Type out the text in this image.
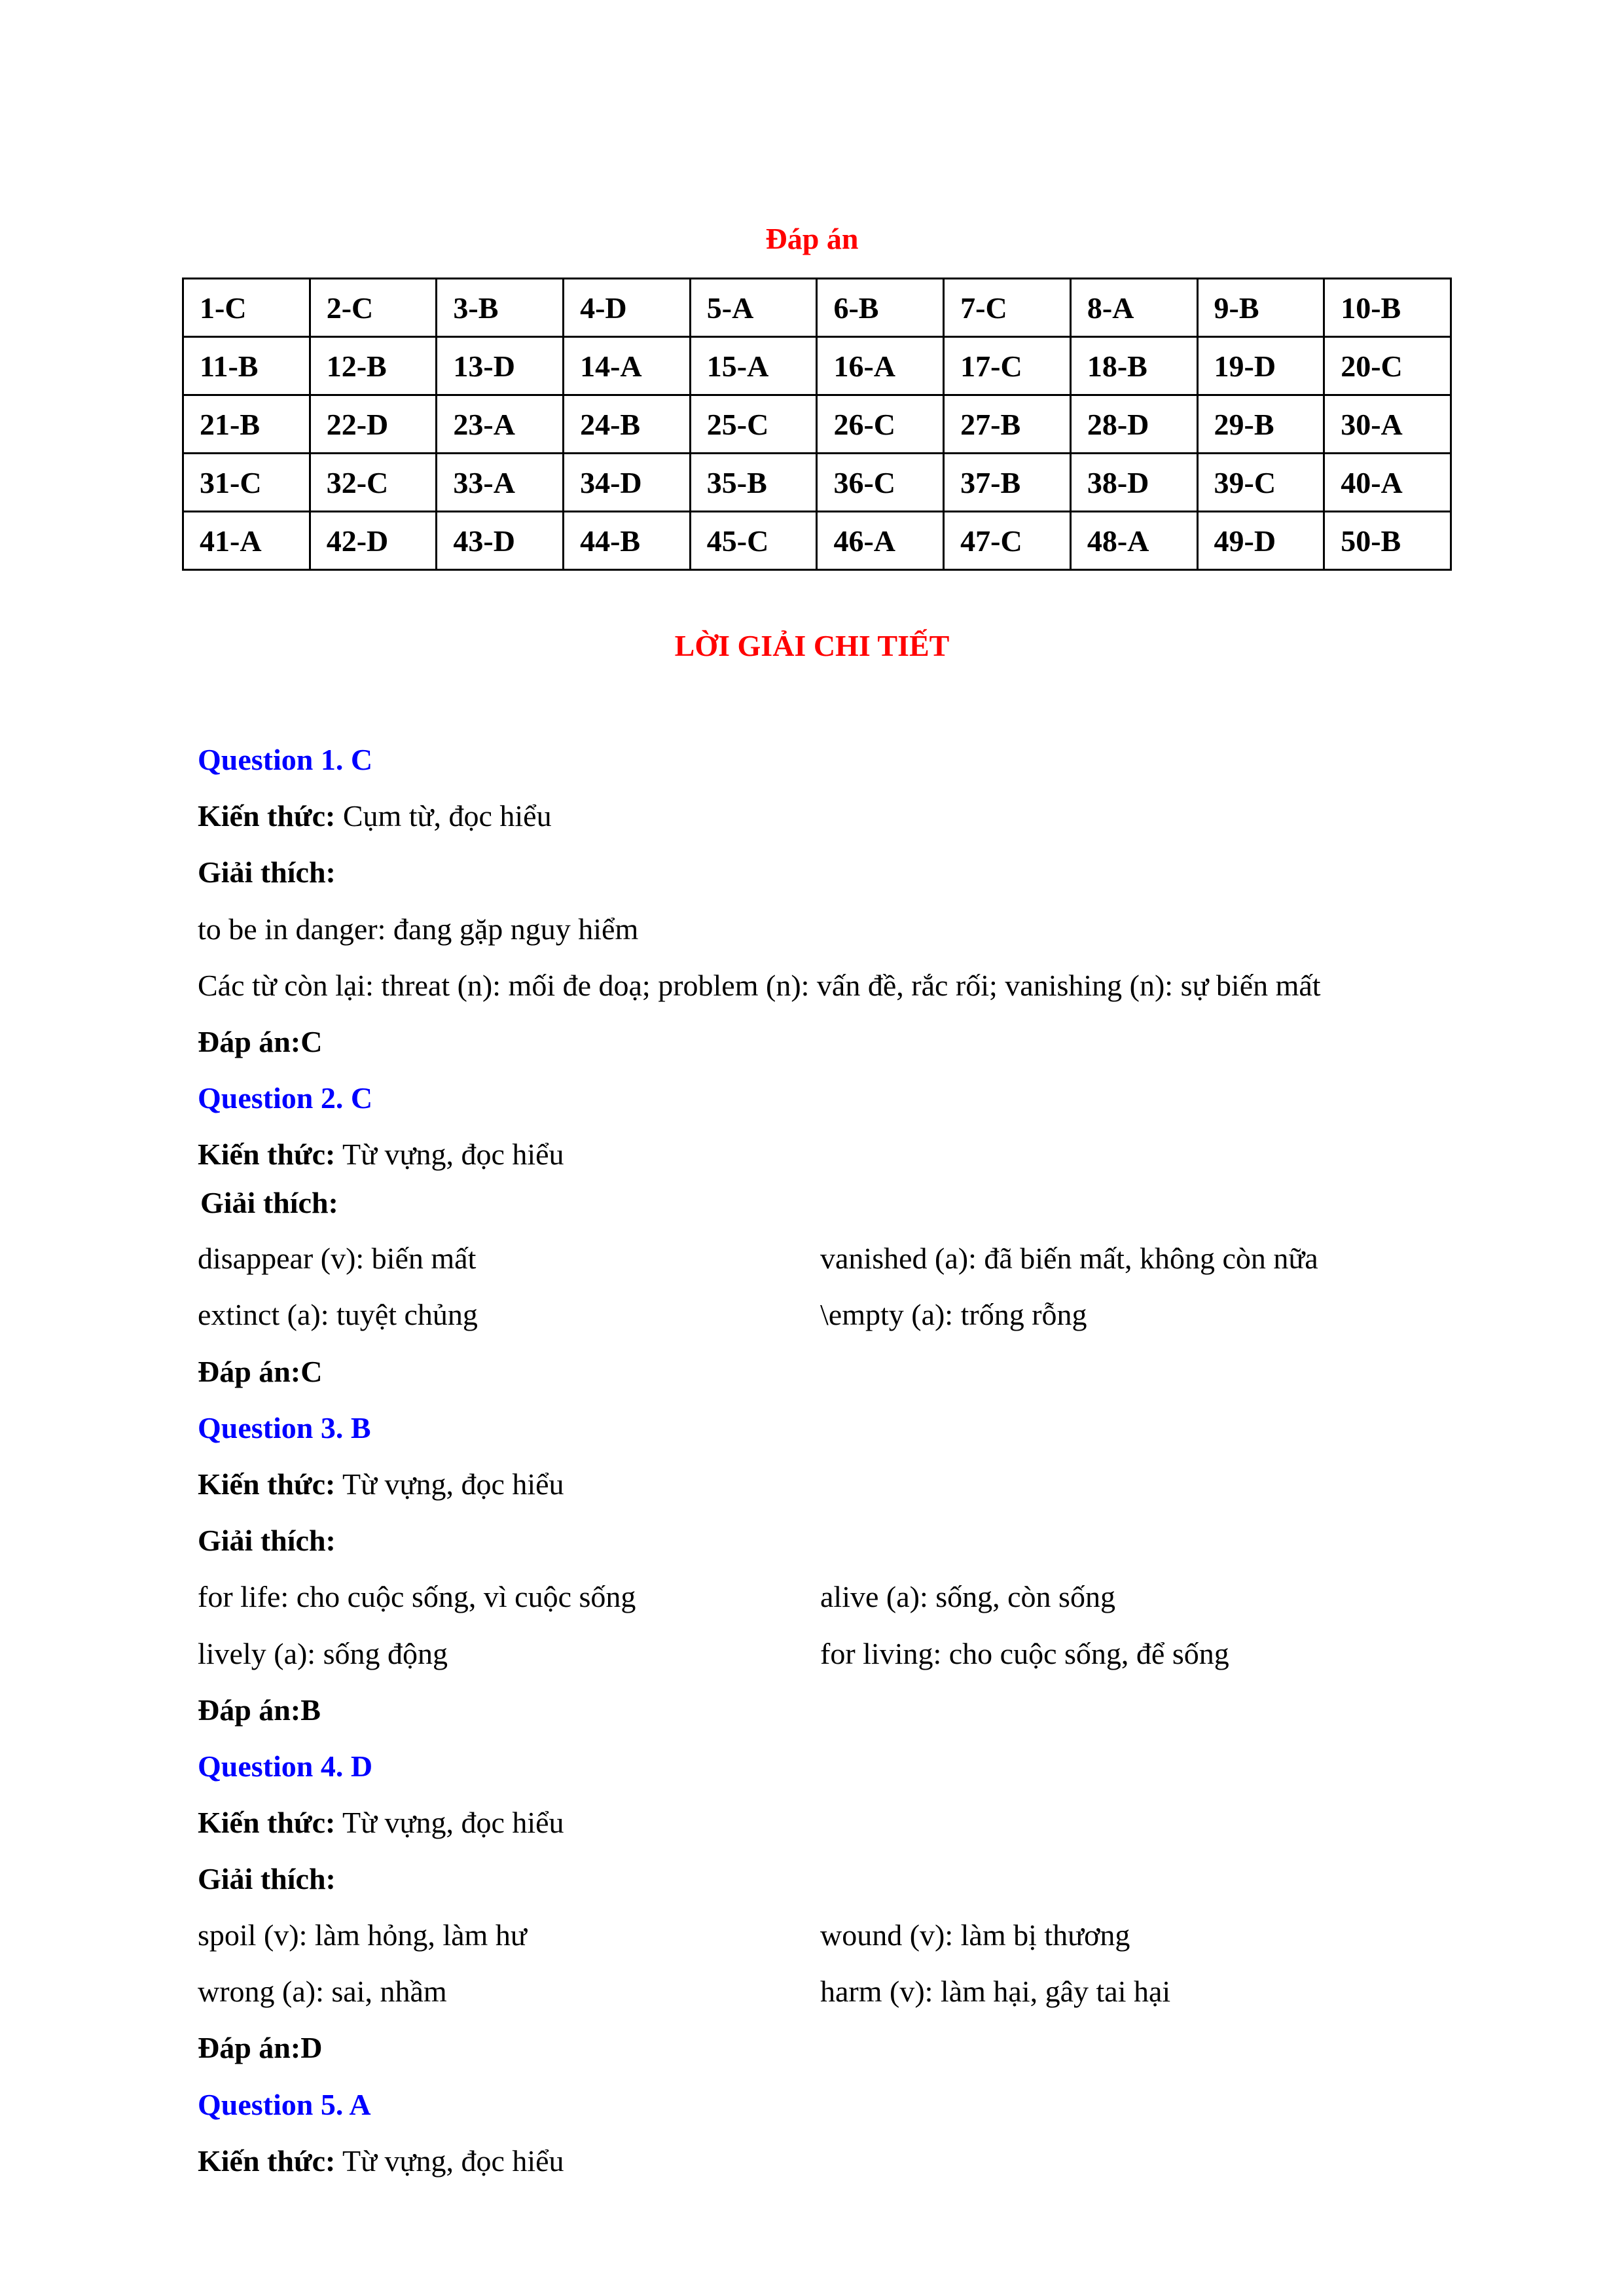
Đáp án
1-C	2-C	3-B	4-D	5-A	6-B	7-C	8-A	9-B	10-B
11-B	12-B	13-D	14-A	15-A	16-A	17-C	18-B	19-D	20-C
21-B	22-D	23-A	24-B	25-C	26-C	27-B	28-D	29-B	30-A
31-C	32-C	33-A	34-D	35-B	36-C	37-B	38-D	39-C	40-A
41-A	42-D	43-D	44-B	45-C	46-A	47-C	48-A	49-D	50-B
LỜI GIẢI CHI TIẾT
Question 1. C
Kiến thức: Cụm từ, đọc hiểu
Giải thích:
to be in danger: đang gặp nguy hiểm
Các từ còn lại: threat (n): mối đe doạ; problem (n): vấn đề, rắc rối; vanishing (n): sự biến mất
Đáp án:C
Question 2. C
Kiến thức: Từ vựng, đọc hiểu
Giải thích:
disappear (v): biến mất	vanished (a): đã biến mất, không còn nữa
extinct (a): tuyệt chủng	\empty (a): trống rỗng
Đáp án:C
Question 3. B
Kiến thức: Từ vựng, đọc hiểu
Giải thích:
for life: cho cuộc sống, vì cuộc sống	alive (a): sống, còn sống
lively (a): sống động	for living: cho cuộc sống, để sống
Đáp án:B
Question 4. D
Kiến thức: Từ vựng, đọc hiểu
Giải thích:
spoil (v): làm hỏng, làm hư	wound (v): làm bị thương
wrong (a): sai, nhầm	harm (v): làm hại, gây tai hại
Đáp án:D
Question 5. A
Kiến thức: Từ vựng, đọc hiểu
